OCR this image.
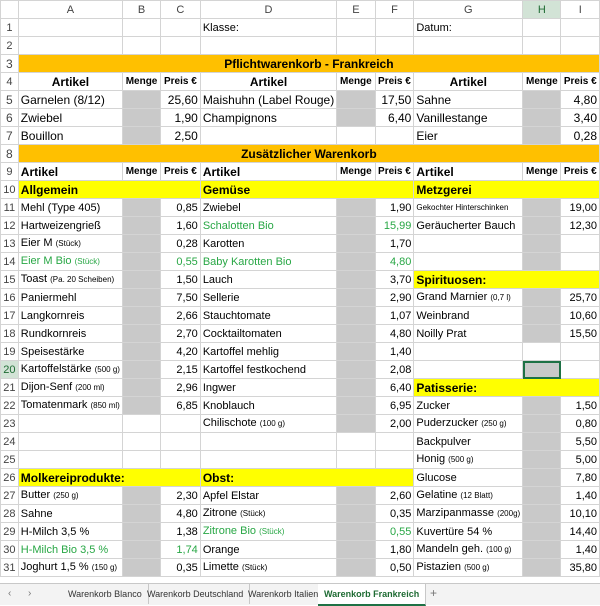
	A	B	C	D	E	F	G	H	I
1				Klasse:			Datum:		
2									
3	Pflichtwarenkorb - Frankreich								
4	Artikel	Menge	Preis €	Artikel	Menge	Preis €	Artikel	Menge	Preis €
5	Garnelen (8/12)		25,60	Maishuhn (Label Rouge)		17,50	Sahne		4,80
6	Zwiebel		1,90	Champignons		6,40	Vanillestange		3,40
7	Bouillon		2,50				Eier		0,28
8	Zusätzlicher Warenkorb								
9	Artikel	Menge	Preis €	Artikel	Menge	Preis €	Artikel	Menge	Preis €
10	Allgemein			Gemüse			Metzgerei		
11	Mehl (Type 405)		0,85	Zwiebel		1,90	Gekochter Hinterschinken		19,00
12	Hartweizengrieß		1,60	Schalotten Bio		15,99	Geräucherter Bauch		12,30
13	Eier M (Stück)		0,28	Karotten		1,70			
14	Eier M Bio (Stück)		0,55	Baby Karotten Bio		4,80			
15	Toast (Pa. 20 Scheiben)		1,50	Lauch		3,70	Spirituosen:		
16	Paniermehl		7,50	Sellerie		2,90	Grand Marnier (0,7 l)		25,70
17	Langkornreis		2,66	Stauchtomate		1,07	Weinbrand		10,60
18	Rundkornreis		2,70	Cocktailtomaten		4,80	Noilly Prat		15,50
19	Speisestärke		4,20	Kartoffel mehlig		1,40			
20	Kartoffelstärke (500 g)		2,15	Kartoffel festkochend		2,08			
21	Dijon-Senf (200 ml)		2,96	Ingwer		6,40	Patisserie:		
22	Tomatenmark (850 ml)		6,85	Knoblauch		6,95	Zucker		1,50
23				Chilischote (100 g)		2,00	Puderzucker (250 g)		0,80
24							Backpulver		5,50
25							Honig (500 g)		5,00
26	Molkereiprodukte:			Obst:			Glucose		7,80
27	Butter (250 g)		2,30	Apfel Elstar		2,60	Gelatine (12 Blatt)		1,40
28	Sahne		4,80	Zitrone (Stück)		0,35	Marzipanmasse (200g)		10,10
29	H-Milch 3,5 %		1,38	Zitrone Bio (Stück)		0,55	Kuvertüre 54 %		14,40
30	H-Milch Bio 3,5 %		1,74	Orange		1,80	Mandeln geh. (100 g)		1,40
31	Joghurt 1,5 % (150 g)		0,35	Limette (Stück)		0,50	Pistazien (500 g)		35,80
‹ ›	Warenkorb Blanco Warenkorb Deutschland Warenkorb Italien Warenkorb Frankreich +
